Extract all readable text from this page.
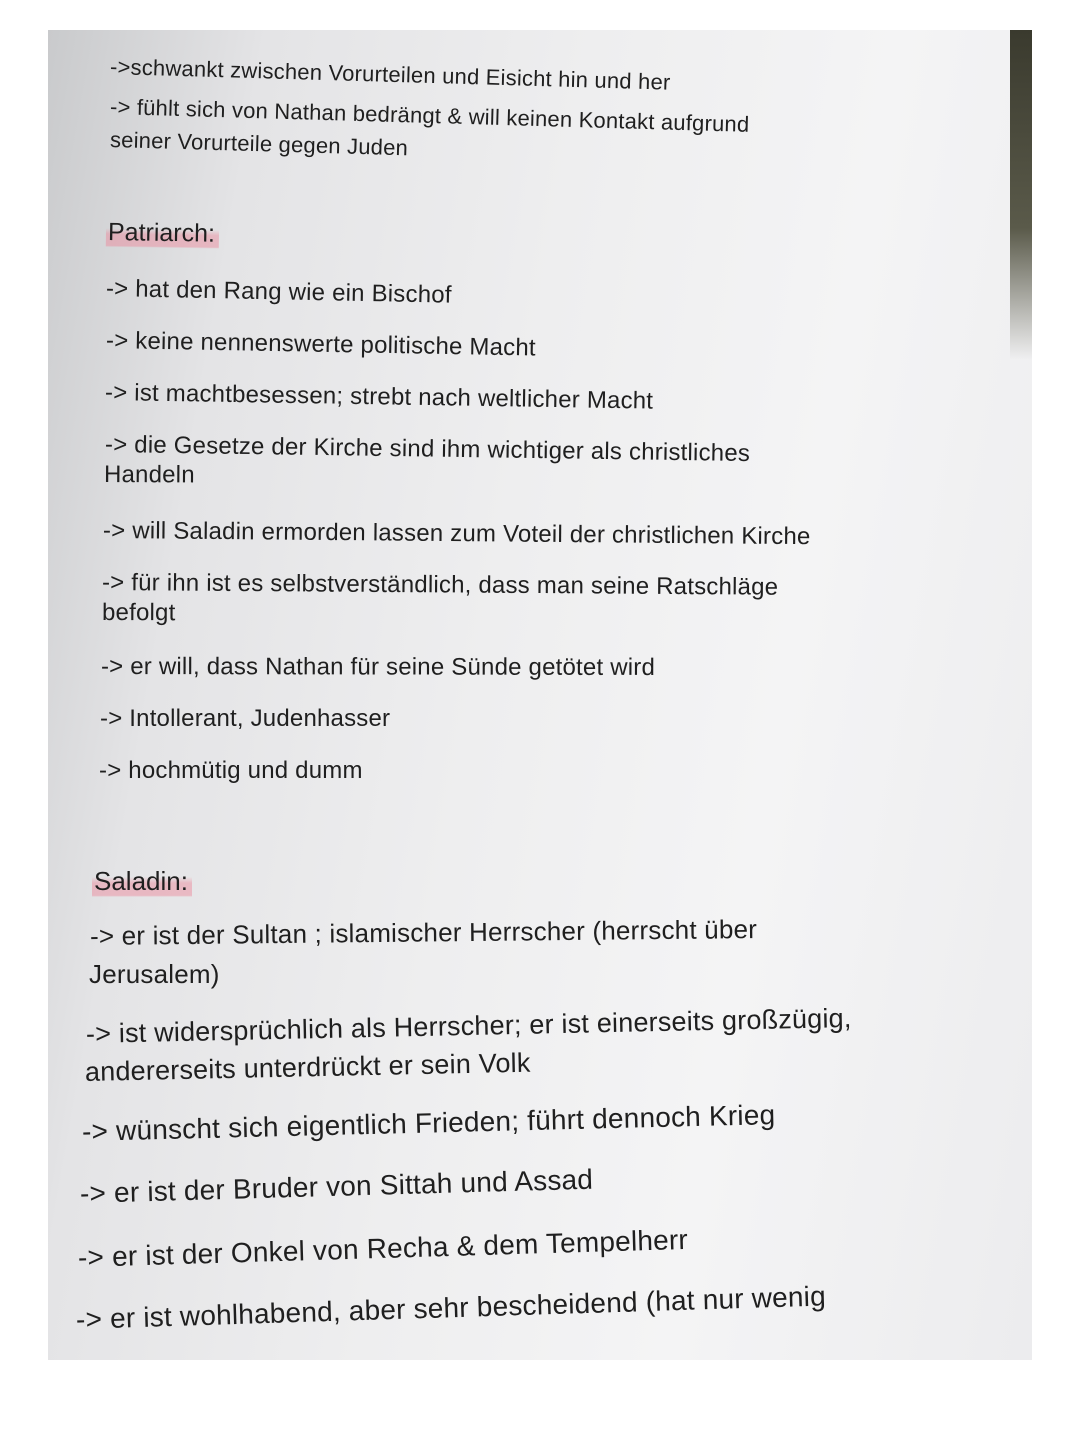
->schwankt zwischen Vorurteilen und Eisicht hin und her
-> fühlt sich von Nathan bedrängt & will keinen Kontakt aufgrund
seiner Vorurteile gegen Juden
Patriarch:
-> hat den Rang wie ein Bischof
-> keine nennenswerte politische Macht
-> ist machtbesessen; strebt nach weltlicher Macht
-> die Gesetze der Kirche sind ihm wichtiger als christliches
Handeln
-> will Saladin ermorden lassen zum Voteil der christlichen Kirche
-> für ihn ist es selbstverständlich, dass man seine Ratschläge
befolgt
-> er will, dass Nathan für seine Sünde getötet wird
-> Intollerant, Judenhasser
-> hochmütig und dumm
Saladin:
-> er ist der Sultan ; islamischer Herrscher (herrscht über
Jerusalem)
-> ist widersprüchlich als Herrscher; er ist einerseits großzügig,
andererseits unterdrückt er sein Volk
-> wünscht sich eigentlich Frieden; führt dennoch Krieg
-> er ist der Bruder von Sittah und Assad
-> er ist der Onkel von Recha & dem Tempelherr
-> er ist wohlhabend, aber sehr bescheidend (hat nur wenig
